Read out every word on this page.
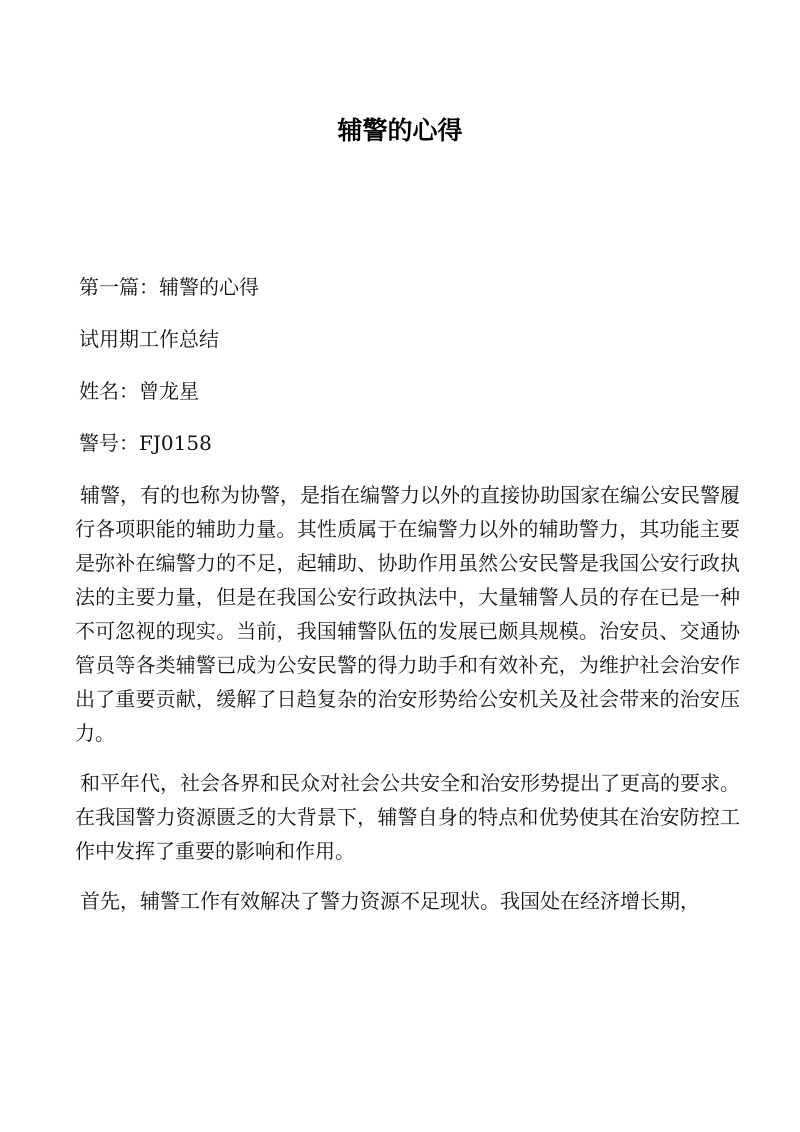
辅警的心得

第一篇：辅警的心得

试用期工作总结

姓名：曾龙星

警号：FJ0158

辅警，有的也称为协警，是指在编警力以外的直接协助国家在编公安民警履行各项职能的辅助力量。其性质属于在编警力以外的辅助警力，其功能主要是弥补在编警力的不足，起辅助、协助作用虽然公安民警是我国公安行政执法的主要力量，但是在我国公安行政执法中，大量辅警人员的存在已是一种不可忽视的现实。当前，我国辅警队伍的发展已颇具规模。治安员、交通协管员等各类辅警已成为公安民警的得力助手和有效补充，为维护社会治安作出了重要贡献，缓解了日趋复杂的治安形势给公安机关及社会带来的治安压力。

和平年代，社会各界和民众对社会公共安全和治安形势提出了更高的要求。在我国警力资源匮乏的大背景下，辅警自身的特点和优势使其在治安防控工作中发挥了重要的影响和作用。

首先，辅警工作有效解决了警力资源不足现状。我国处在经济增长期，
